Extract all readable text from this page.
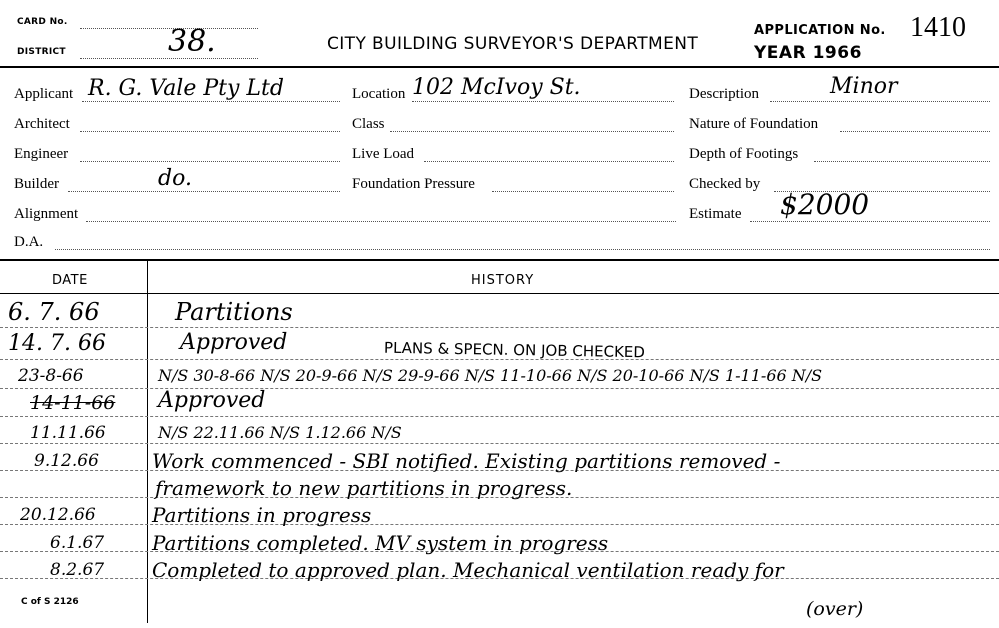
CARD No.
DISTRICT	38.	CITY BUILDING SURVEYOR'S DEPARTMENT
APPLICATION No. 1410
YEAR 1966
Applicant R. G. Vale Pty Ltd
Architect
Engineer
Builder	do.
Alignment
D.A.
Location 102 McIvoy St.
Class
Live Load
Foundation Pressure
Description	Minor
Nature of Foundation
Depth of Footings
Checked by
Estimate $2000
DATE	HISTORY
6. 7. 66	Partitions
14. 7. 66	Approved	PLANS & SPECN. ON JOB CHECKED
23-8-66	N/S 30-8-66 N/S 20-9-66 N/S 29-9-66 N/S 11-10-66 N/S 20-10-66 N/S 1-11-66 N/S
14-11-66 Approved
11.11.66	N/S 22.11.66 N/S 1.12.66 N/S
9.12.66	Work commenced - SBI notified. Existing partitions removed -
framework to new partitions in progress.
20.12.66	Partitions in progress
6.1.67 Partitions completed. MV system in progress
8.2.67 Completed to approved plan. Mechanical ventilation ready for
C of S 2126	(over)
